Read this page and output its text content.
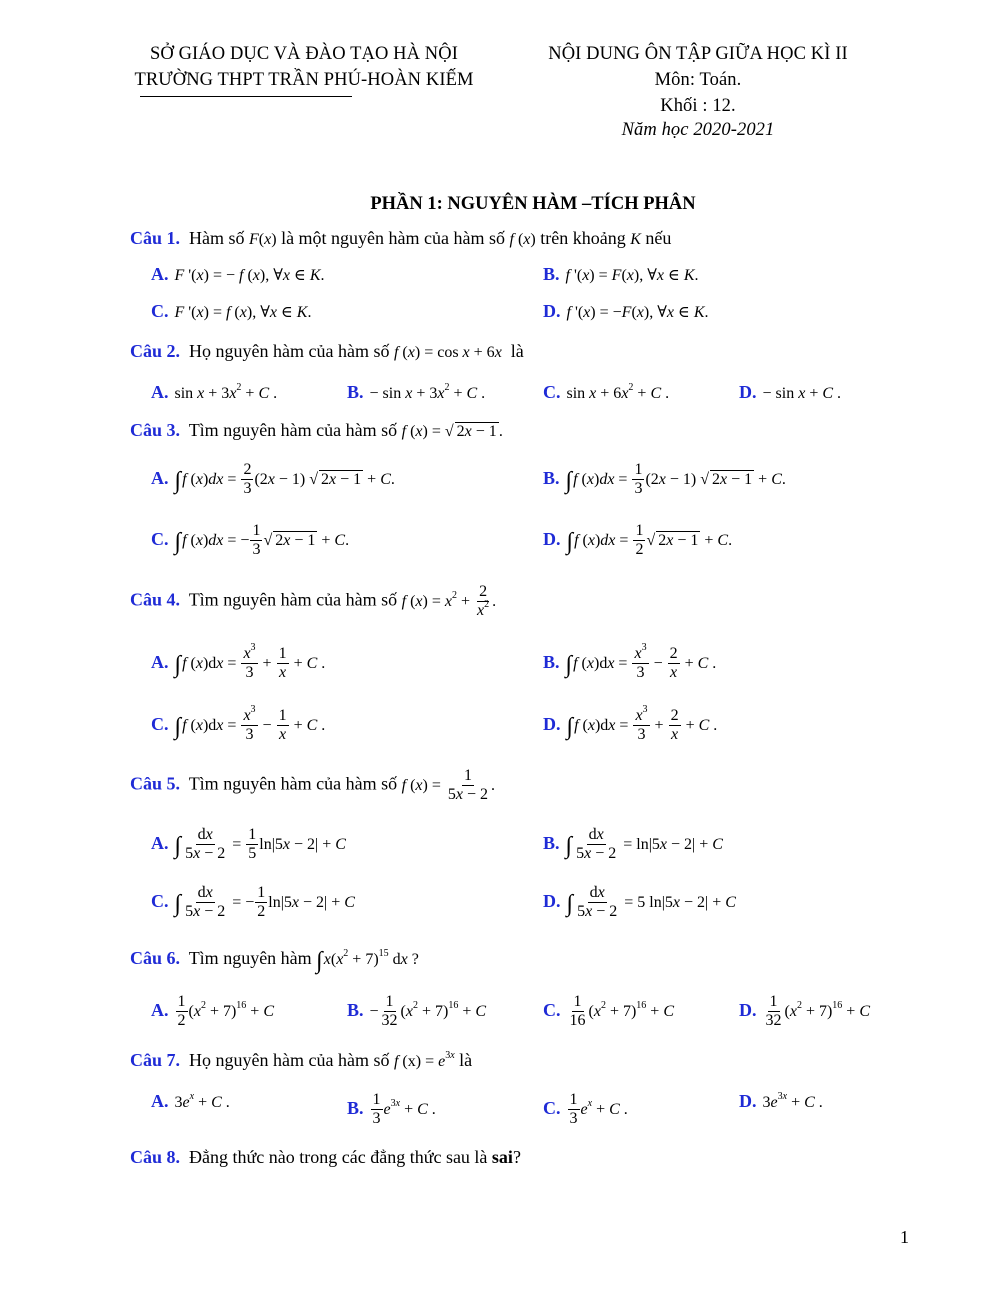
SỞ GIÁO DỤC VÀ ĐÀO TẠO HÀ NỘI
TRƯỜNG THPT TRẦN PHÚ-HOÀN KIẾM
NỘI DUNG ÔN TẬP GIỮA HỌC KÌ II
Môn: Toán.
Khối : 12.
Năm học 2020-2021
PHẦN 1: NGUYÊN HÀM –TÍCH PHÂN
Câu 1.  Hàm số F(x) là một nguyên hàm của hàm số f (x) trên khoảng K nếu
A. F '(x) = − f (x), ∀x ∈ K.	B. f '(x) = F(x), ∀x ∈ K.
C. F '(x) = f (x), ∀x ∈ K.	D. f '(x) = −F(x), ∀x ∈ K.
Câu 2.  Họ nguyên hàm của hàm số f (x) = cos x + 6x  là
A. $\sin x + 3x^2 + C$ .	B. − $\sin x + 3x^2 + C$ .	C. $\sin x + 6x^2 + C$ .	D. − sin x + C .
Câu 3.  Tìm nguyên hàm của hàm số f (x) = √ 2x − 1 .
A. ∫f $(x)dx = \frac{2}{3} (2x - 1)$ √ 2x − 1 + C.	B. ∫f $(x)dx = \frac{1}{3} (2x - 1)$ √ 2x − 1 + C.
C. ∫f (x)dx = − $\frac{1}{3}$ √ 2x − 1 + C.	D. ∫f $(x)dx = \frac{1}{2}$ √ 2x − 1 + C.
Câu 4.  Tìm nguyên hàm của hàm số f $(x) = x^2 + \frac{2}{x^2}$ .
A. ∫f $(x)dx = \frac{x^3}{3} + \frac{1}{x} + C$ .	B. ∫f $(x)dx = \frac{x^3}{3} - \frac{2}{x} + C$ .
C. ∫f $(x)dx = \frac{x^3}{3} - \frac{1}{x} + C$ .	D. ∫f $(x)dx = \frac{x^3}{3} + \frac{2}{x} + C$ .
Câu 5.  Tìm nguyên hàm của hàm số f $(x) = \frac{1}{5x - 2}$ .
A. ∫ $\frac{dx}{5x - 2} = \frac{1}{5} \ln|5x - 2| + C$	B. ∫ $\frac{dx}{5x - 2} = \ln|5x - 2| + C$
C. ∫ $\frac{dx}{5x - 2}$ = − $\frac{1}{2} \ln|5x - 2| + C$	D. ∫ $\frac{dx}{5x - 2} = 5$ ln|5x − 2| + C
Câu 6.  Tìm nguyên hàm $\int x(x^2 + 7)^{15}$ dx ?
A. $\frac{1}{2} (x^2 + 7)^{16} + C$	B. − $\frac{1}{32} (x^2 + 7)^{16} + C$	C. $\frac{1}{16} (x^2 + 7)^{16} + C$	D. $\frac{1}{32} (x^2 + 7)^{16} + C$
Câu 7.  Họ nguyên hàm của hàm số f $(x) = e^{3x}$ là
A. $3e^x + C$ .	B. $\frac{1}{3} e^{3x} + C$ .	C. $\frac{1}{3} e^x + C$ .	D. $3e^{3x} + C$ .
Câu 8.  Đẳng thức nào trong các đẳng thức sau là sai?
1
